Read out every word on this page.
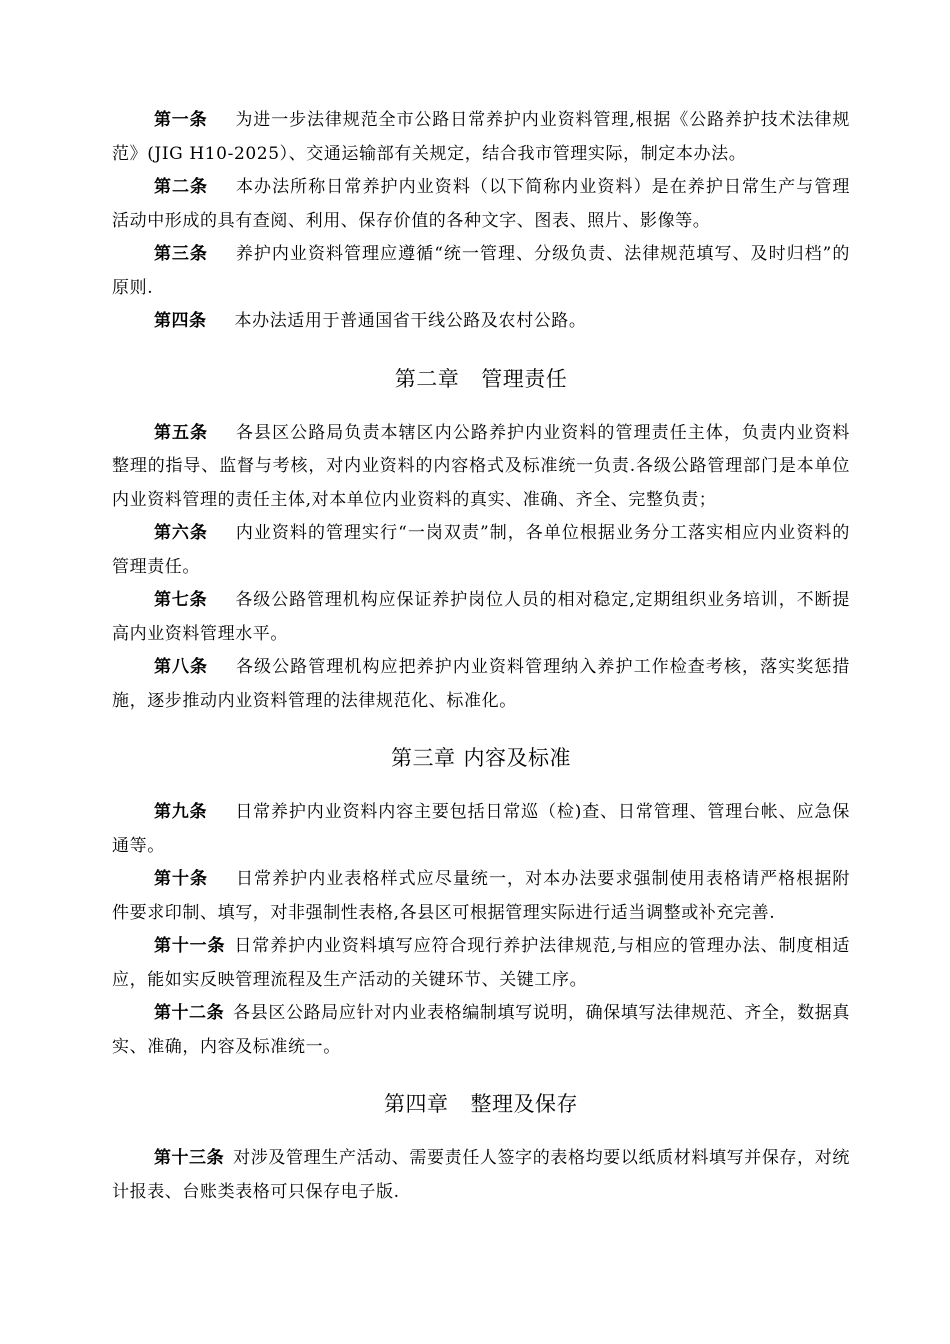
第一条 为进一步法律规范全市公路日常养护内业资料管理,根据《公路养护技术法律规范》(JIG H10-2025）、交通运输部有关规定，结合我市管理实际，制定本办法。

第二条 本办法所称日常养护内业资料（以下简称内业资料）是在养护日常生产与管理活动中形成的具有查阅、利用、保存价值的各种文字、图表、照片、影像等。

第三条 养护内业资料管理应遵循“统一管理、分级负责、法律规范填写、及时归档”的原则.

第四条 本办法适用于普通国省干线公路及农村公路。

第二章 管理责任

第五条 各县区公路局负责本辖区内公路养护内业资料的管理责任主体，负责内业资料整理的指导、监督与考核，对内业资料的内容格式及标准统一负责.各级公路管理部门是本单位内业资料管理的责任主体,对本单位内业资料的真实、准确、齐全、完整负责；

第六条 内业资料的管理实行“一岗双责”制，各单位根据业务分工落实相应内业资料的管理责任。

第七条 各级公路管理机构应保证养护岗位人员的相对稳定,定期组织业务培训，不断提高内业资料管理水平。

第八条 各级公路管理机构应把养护内业资料管理纳入养护工作检查考核，落实奖惩措施，逐步推动内业资料管理的法律规范化、标准化。

第三章 内容及标准

第九条 日常养护内业资料内容主要包括日常巡（检)查、日常管理、管理台帐、应急保通等。

第十条 日常养护内业表格样式应尽量统一，对本办法要求强制使用表格请严格根据附件要求印制、填写，对非强制性表格,各县区可根据管理实际进行适当调整或补充完善.

第十一条 日常养护内业资料填写应符合现行养护法律规范,与相应的管理办法、制度相适应，能如实反映管理流程及生产活动的关键环节、关键工序。

第十二条 各县区公路局应针对内业表格编制填写说明，确保填写法律规范、齐全，数据真实、准确，内容及标准统一。

第四章 整理及保存

第十三条 对涉及管理生产活动、需要责任人签字的表格均要以纸质材料填写并保存，对统计报表、台账类表格可只保存电子版.
